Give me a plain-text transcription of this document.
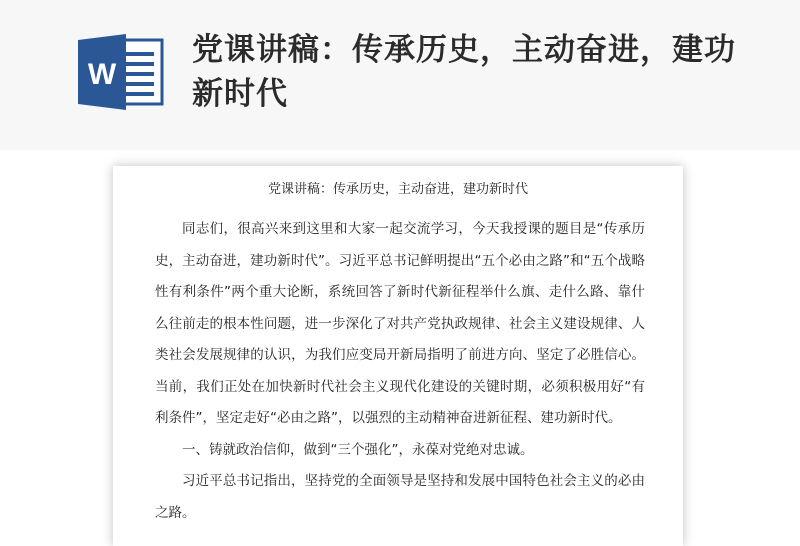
W
党课讲稿：传承历史，主动奋进，建功新时代
党课讲稿：传承历史，主动奋进，建功新时代

同志们，很高兴来到这里和大家一起交流学习，今天我授课的题目是“传承历史，主动奋进，建功新时代”。习近平总书记鲜明提出“五个必由之路”和“五个战略性有利条件”两个重大论断，系统回答了新时代新征程举什么旗、走什么路、靠什么往前走的根本性问题，进一步深化了对共产党执政规律、社会主义建设规律、人类社会发展规律的认识，为我们应变局开新局指明了前进方向、坚定了必胜信心。当前，我们正处在加快新时代社会主义现代化建设的关键时期，必须积极用好“有利条件”，坚定走好“必由之路”，以强烈的主动精神奋进新征程、建功新时代。

一、铸就政治信仰，做到“三个强化”，永葆对党绝对忠诚。

习近平总书记指出，坚持党的全面领导是坚持和发展中国特色社会主义的必由之路。
